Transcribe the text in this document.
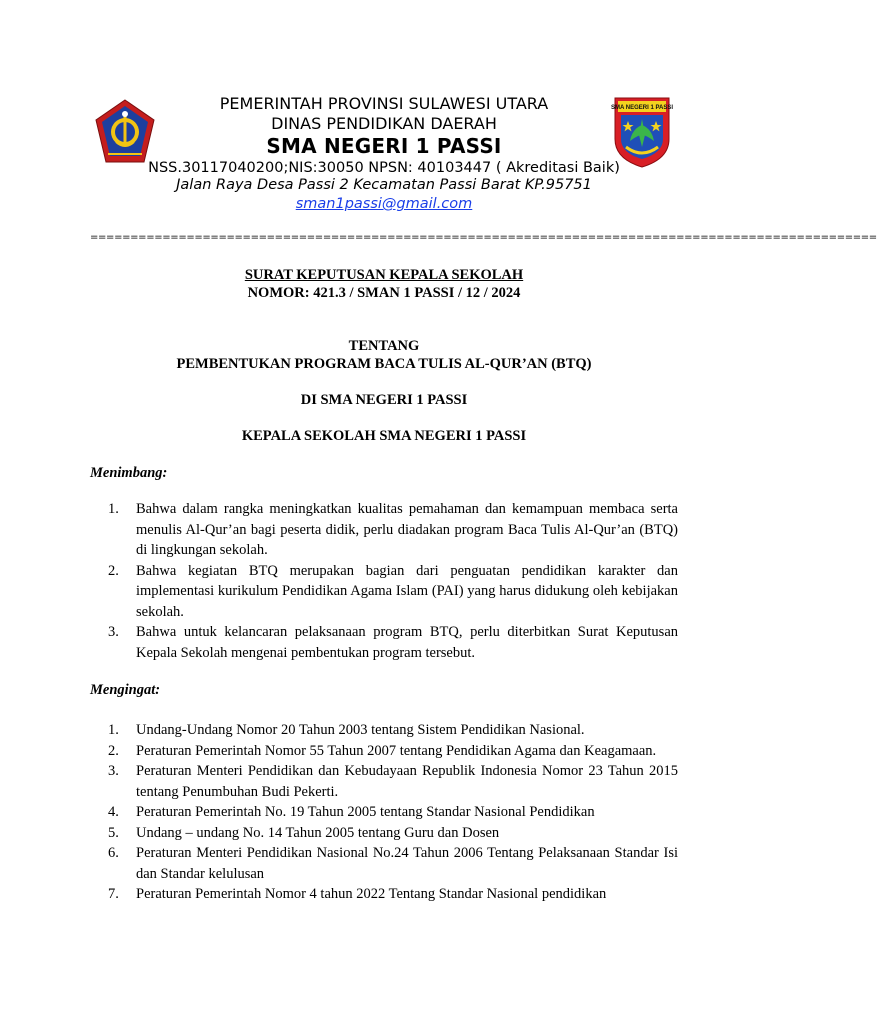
SMA NEGERI 1 PASSI
PEMERINTAH PROVINSI SULAWESI UTARA
DINAS PENDIDIKAN DAERAH
SMA NEGERI 1 PASSI
NSS.30117040200;NIS:30050 NPSN: 40103447 ( Akreditasi Baik)
Jalan Raya Desa Passi 2 Kecamatan Passi Barat KP.95751
sman1passi@gmail.com
==================================================================================================
SURAT KEPUTUSAN KEPALA SEKOLAH
NOMOR: 421.3 / SMAN 1 PASSI / 12 / 2024
TENTANG
PEMBENTUKAN PROGRAM BACA TULIS AL-QUR’AN (BTQ)
DI SMA NEGERI 1 PASSI
KEPALA SEKOLAH SMA NEGERI 1 PASSI
Menimbang:
1.	Bahwa dalam rangka meningkatkan kualitas pemahaman dan kemampuan membaca serta menulis Al-Qur’an bagi peserta didik, perlu diadakan program Baca Tulis Al-Qur’an (BTQ) di lingkungan sekolah.
2.	Bahwa kegiatan BTQ merupakan bagian dari penguatan pendidikan karakter dan implementasi kurikulum Pendidikan Agama Islam (PAI) yang harus didukung oleh kebijakan sekolah.
3.	Bahwa untuk kelancaran pelaksanaan program BTQ, perlu diterbitkan Surat Keputusan Kepala Sekolah mengenai pembentukan program tersebut.
Mengingat:
1.	Undang-Undang Nomor 20 Tahun 2003 tentang Sistem Pendidikan Nasional.
2.	Peraturan Pemerintah Nomor 55 Tahun 2007 tentang Pendidikan Agama dan Keagamaan.
3.	Peraturan Menteri Pendidikan dan Kebudayaan Republik Indonesia Nomor 23 Tahun 2015 tentang Penumbuhan Budi Pekerti.
4.	Peraturan Pemerintah No. 19 Tahun 2005 tentang Standar Nasional Pendidikan
5.	Undang – undang No. 14 Tahun 2005 tentang Guru dan Dosen
6.	Peraturan Menteri Pendidikan Nasional No.24 Tahun 2006 Tentang Pelaksanaan Standar Isi dan Standar kelulusan
7.	Peraturan Pemerintah Nomor 4 tahun 2022 Tentang Standar Nasional pendidikan
